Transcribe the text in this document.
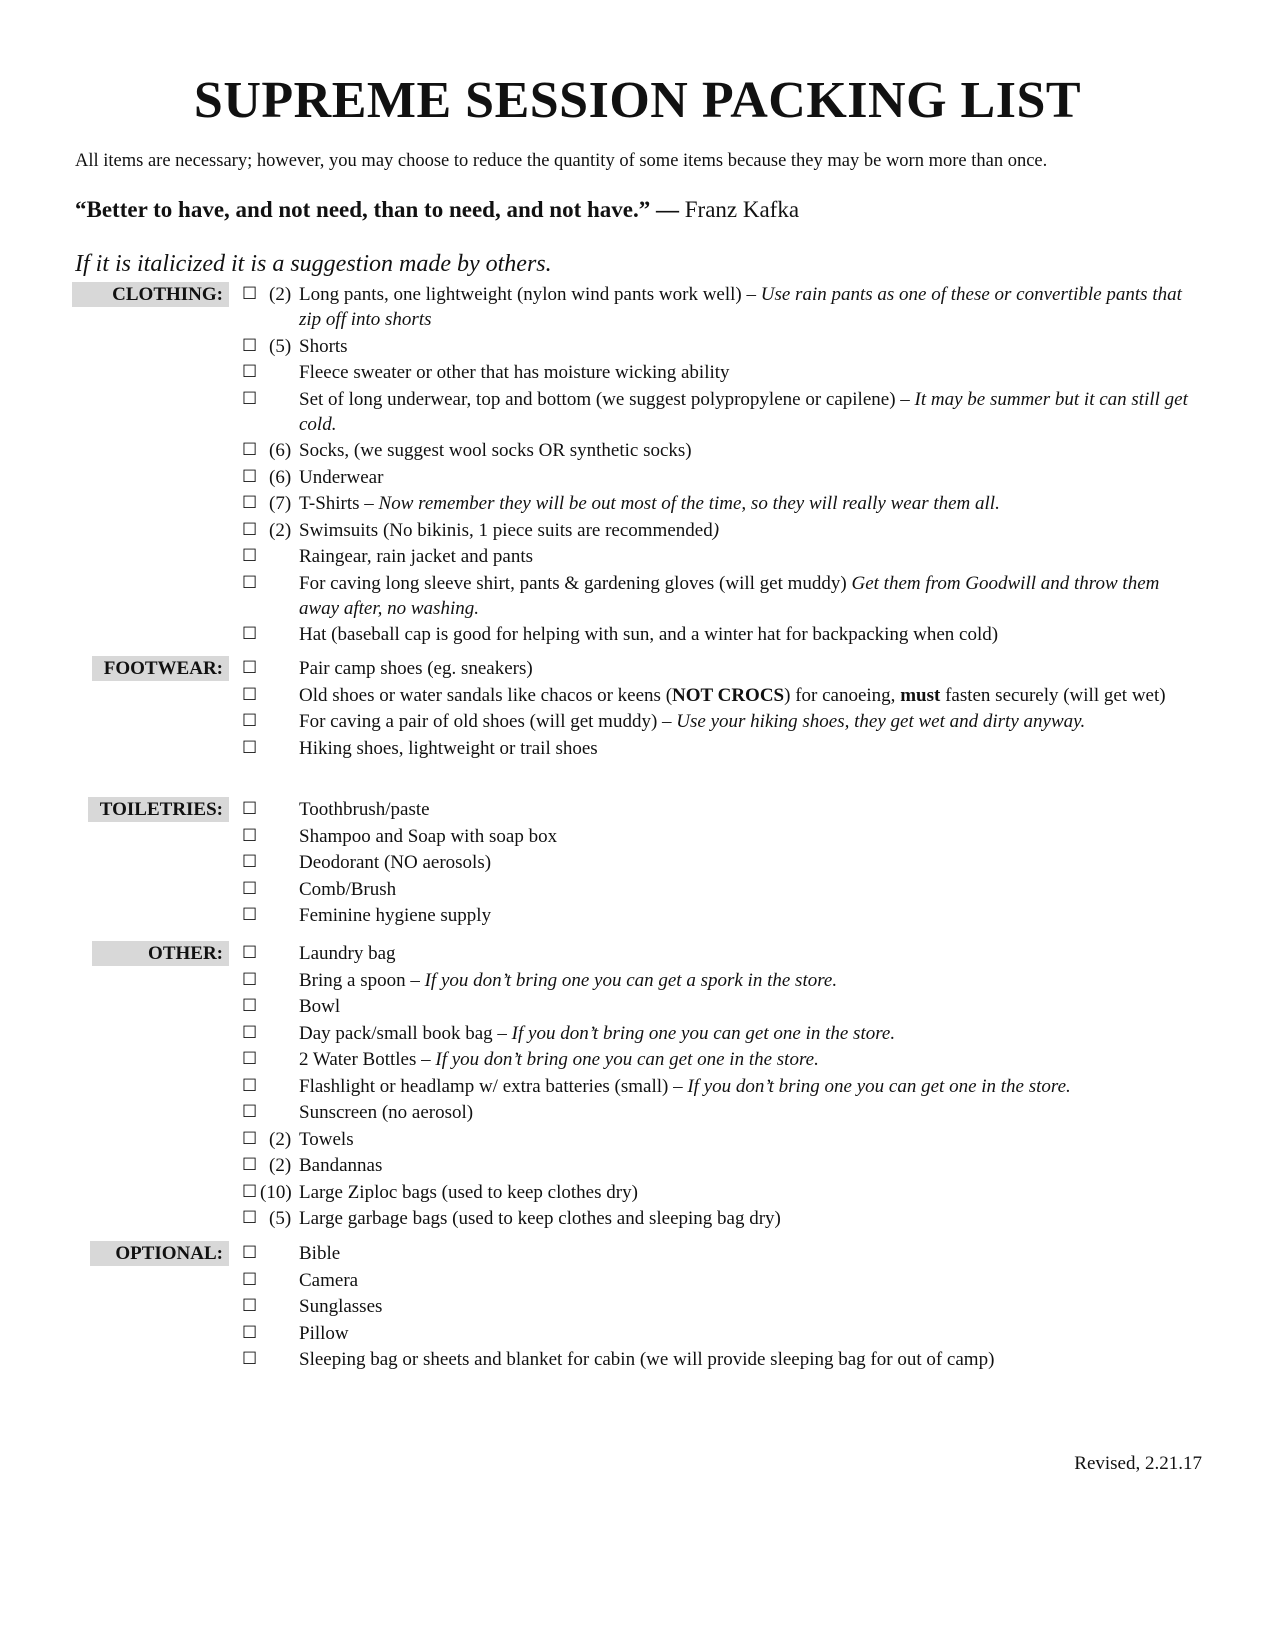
SUPREME SESSION PACKING LIST
All items are necessary; however, you may choose to reduce the quantity of some items because they may be worn more than once.
“Better to have, and not need, than to need, and not have.” — Franz Kafka
If it is italicized it is a suggestion made by others.
CLOTHING:	☐ (2) Long pants, one lightweight (nylon wind pants work well) – Use rain pants as one of these or convertible pants that zip off into shorts
☐ (5) Shorts
☐ Fleece sweater or other that has moisture wicking ability
☐ Set of long underwear, top and bottom (we suggest polypropylene or capilene) – It may be summer but it can still get cold.
☐ (6) Socks, (we suggest wool socks OR synthetic socks)
☐ (6) Underwear
☐ (7) T-Shirts – Now remember they will be out most of the time, so they will really wear them all.
☐ (2) Swimsuits (No bikinis, 1 piece suits are recommended)
☐ Raingear, rain jacket and pants
☐ For caving long sleeve shirt, pants & gardening gloves (will get muddy) Get them from Goodwill and throw them away after, no washing.
☐ Hat (baseball cap is good for helping with sun, and a winter hat for backpacking when cold)
FOOTWEAR:	☐ Pair camp shoes (eg. sneakers)
☐ Old shoes or water sandals like chacos or keens (NOT CROCS) for canoeing, must fasten securely (will get wet)
☐ For caving a pair of old shoes (will get muddy) – Use your hiking shoes, they get wet and dirty anyway.
☐ Hiking shoes, lightweight or trail shoes
TOILETRIES:	☐ Toothbrush/paste
☐ Shampoo and Soap with soap box
☐ Deodorant (NO aerosols)
☐ Comb/Brush
☐ Feminine hygiene supply
OTHER:	☐ Laundry bag
☐ Bring a spoon – If you don’t bring one you can get a spork in the store.
☐ Bowl
☐ Day pack/small book bag – If you don’t bring one you can get one in the store.
☐ 2 Water Bottles – If you don’t bring one you can get one in the store.
☐ Flashlight or headlamp w/ extra batteries (small) – If you don’t bring one you can get one in the store.
☐ Sunscreen (no aerosol)
☐ (2) Towels
☐ (2) Bandannas
☐ (10) Large Ziploc bags (used to keep clothes dry)
☐ (5) Large garbage bags (used to keep clothes and sleeping bag dry)
OPTIONAL:	☐ Bible
☐ Camera
☐ Sunglasses
☐ Pillow
☐ Sleeping bag or sheets and blanket for cabin (we will provide sleeping bag for out of camp)
Revised, 2.21.17
